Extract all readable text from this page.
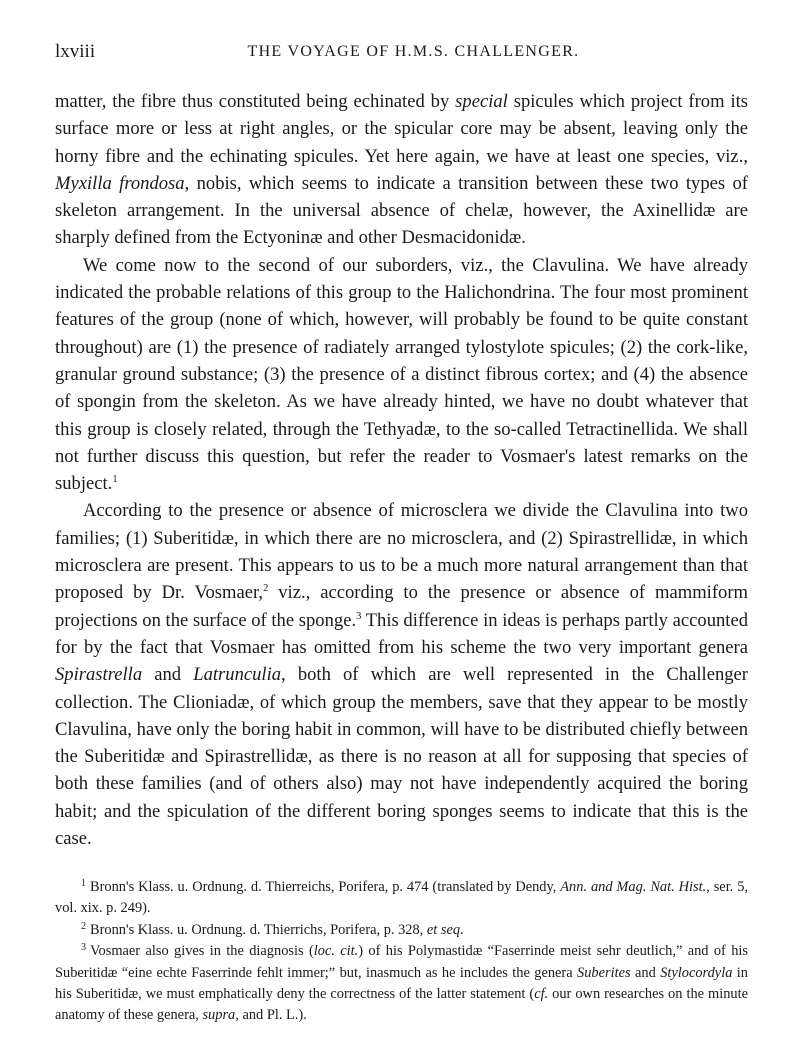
lxviii	THE VOYAGE OF H.M.S. CHALLENGER.

matter, the fibre thus constituted being echinated by special spicules which project from its surface more or less at right angles, or the spicular core may be absent, leaving only the horny fibre and the echinating spicules. Yet here again, we have at least one species, viz., Myxilla frondosa, nobis, which seems to indicate a transition between these two types of skeleton arrangement. In the universal absence of chelæ, however, the Axinellidæ are sharply defined from the Ectyoninæ and other Desmacidonidæ.

We come now to the second of our suborders, viz., the Clavulina. We have already indicated the probable relations of this group to the Halichondrina. The four most prominent features of the group (none of which, however, will probably be found to be quite constant throughout) are (1) the presence of radiately arranged tylostylote spicules; (2) the cork-like, granular ground substance; (3) the presence of a distinct fibrous cortex; and (4) the absence of spongin from the skeleton. As we have already hinted, we have no doubt whatever that this group is closely related, through the Tethyadæ, to the so-called Tetractinellida. We shall not further discuss this question, but refer the reader to Vosmaer's latest remarks on the subject.$^1$

According to the presence or absence of microsclera we divide the Clavulina into two families; (1) Suberitidæ, in which there are no microsclera, and (2) Spirastrellidæ, in which microsclera are present. This appears to us to be a much more natural arrangement than that proposed by Dr. Vosmaer,$^2$ viz., according to the presence or absence of mammiform projections on the surface of the sponge.$^3$ This difference in ideas is perhaps partly accounted for by the fact that Vosmaer has omitted from his scheme the two very important genera Spirastrella and Latrunculia, both of which are well represented in the Challenger collection. The Clioniadæ, of which group the members, save that they appear to be mostly Clavulina, have only the boring habit in common, will have to be distributed chiefly between the Suberitidæ and Spirastrellidæ, as there is no reason at all for supposing that species of both these families (and of others also) may not have independently acquired the boring habit; and the spiculation of the different boring sponges seems to indicate that this is the case.

$^1$ Bronn's Klass. u. Ordnung. d. Thierreichs, Porifera, p. 474 (translated by Dendy, Ann. and Mag. Nat. Hist., ser. 5, vol. xix. p. 249).

$^2$ Bronn's Klass. u. Ordnung. d. Thierrichs, Porifera, p. 328, et seq.

$^3$ Vosmaer also gives in the diagnosis (loc. cit.) of his Polymastidæ “Faserrinde meist sehr deutlich,” and of his Suberitidæ “eine echte Faserrinde fehlt immer;” but, inasmuch as he includes the genera Suberites and Stylocordyla in his Suberitidæ, we must emphatically deny the correctness of the latter statement (cf. our own researches on the minute anatomy of these genera, supra, and Pl. L.).
